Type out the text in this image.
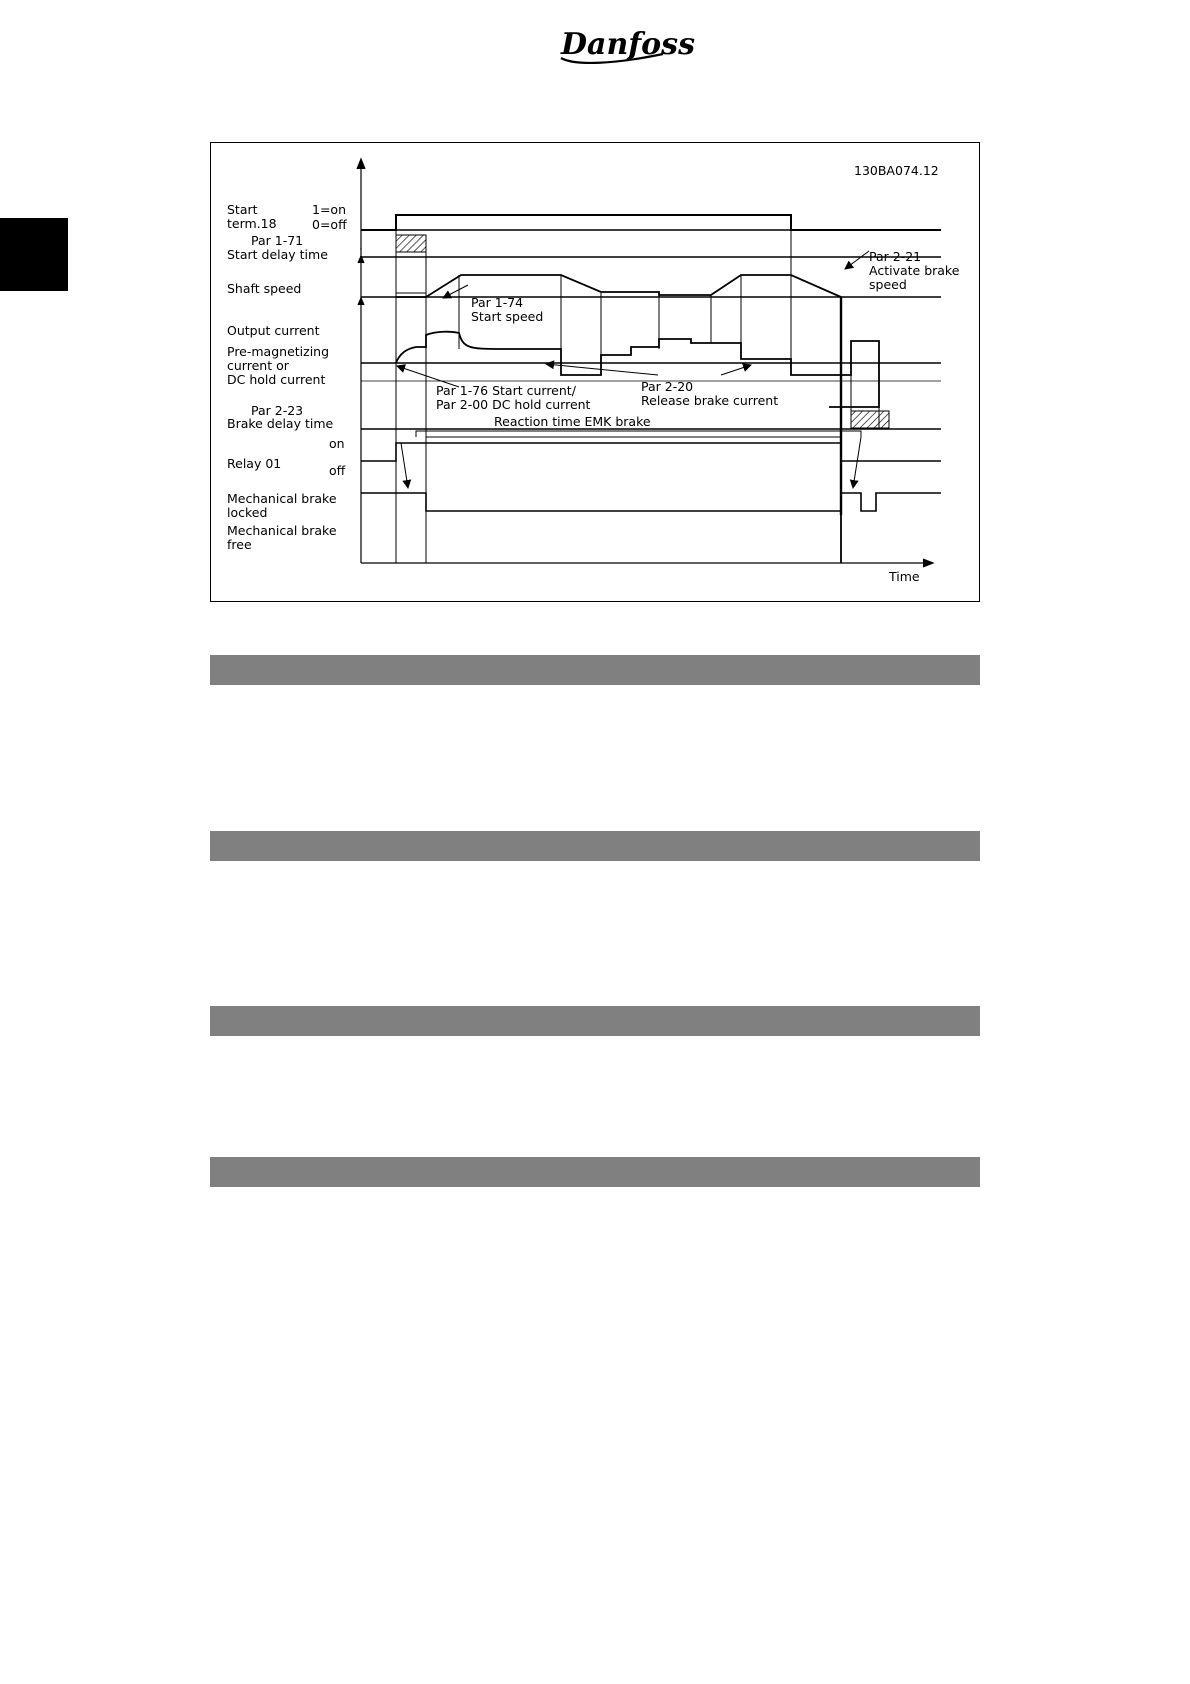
Danfoss
130BA074.12
Start
term.18
1=on
0=off
Par 1-71
Start delay time
Shaft speed
Output current
Pre-magnetizing
current or
DC hold current
Par 2-23
Brake delay time
on
Relay 01	off
Mechanical brake
locked
Mechanical brake
free
Time
Par 1-74
Start speed
Par 2-21
Activate brake
speed
Par 1-76 Start current/
Par 2-00 DC hold current
Par 2-20
Release brake current
Reaction time EMK brake
